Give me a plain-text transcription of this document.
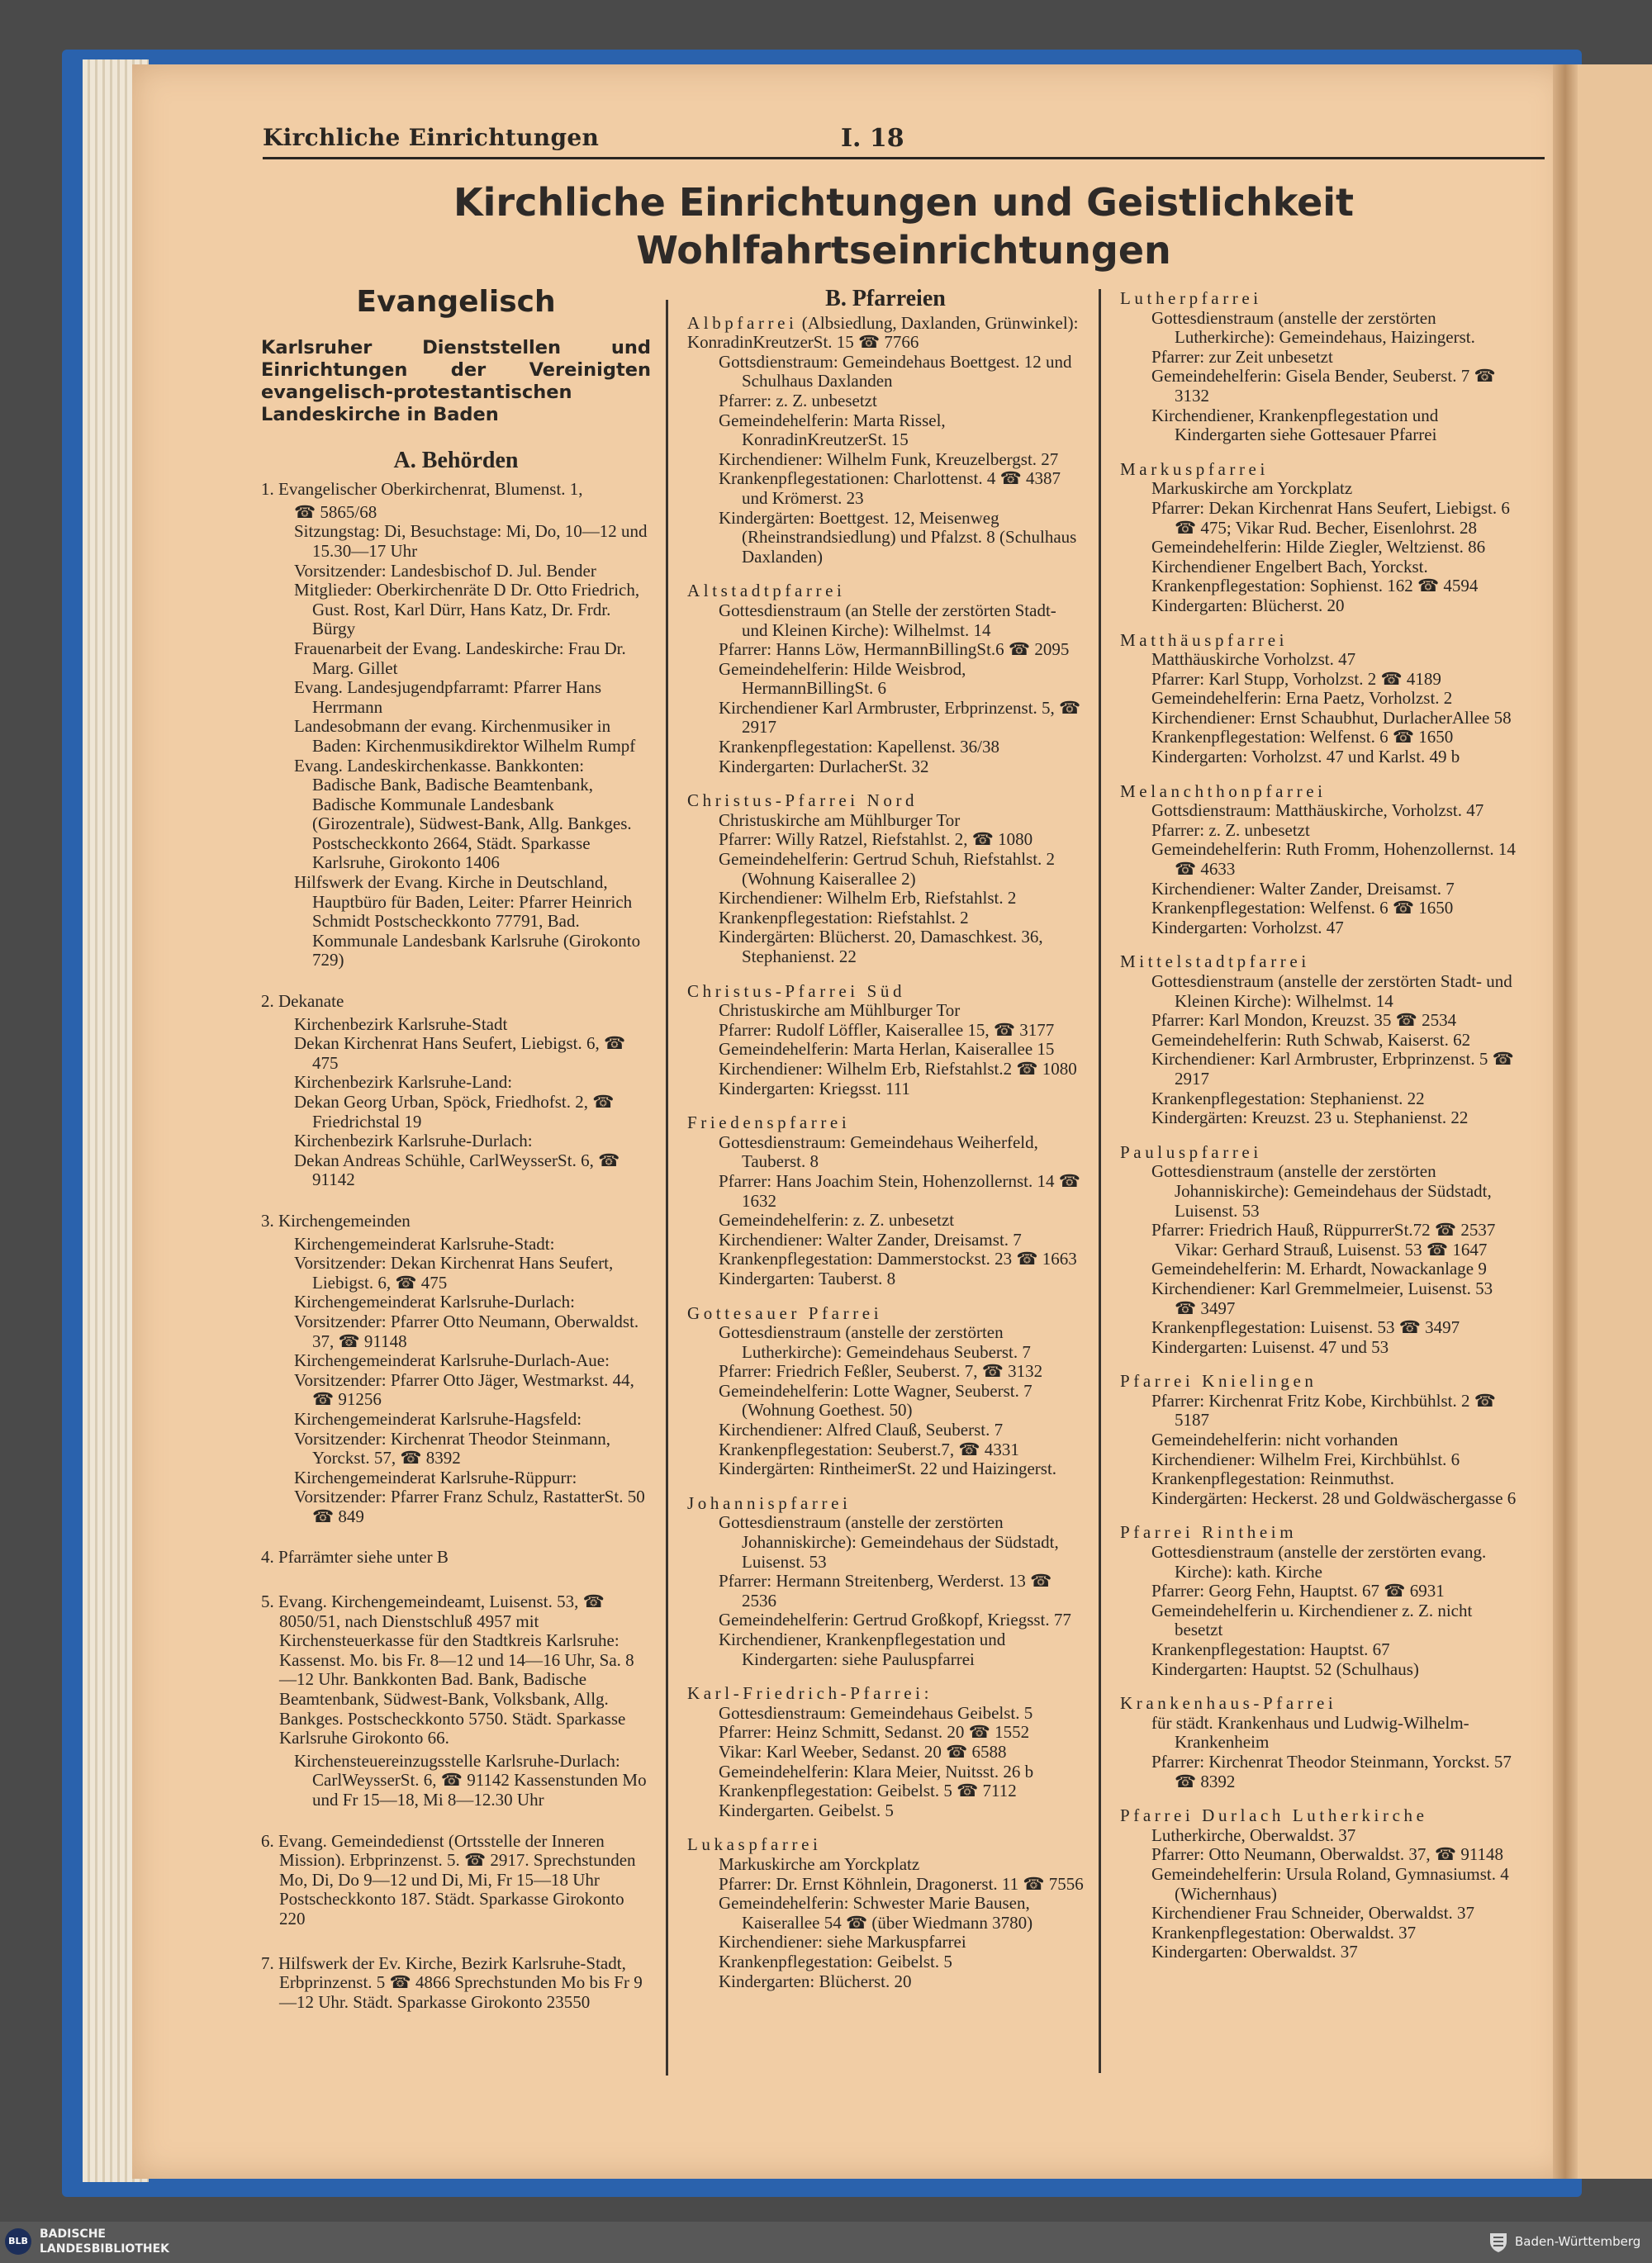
Kirchliche Einrichtungen	I. 18
Kirchliche Einrichtungen und Geistlichkeit
Wohlfahrtseinrichtungen
Evangelisch
Karlsruher Dienststellen und Einrichtungen der Vereinigten evangelisch-protestantischen Landeskirche in Baden
A. Behörden
1. Evangelischer Oberkirchenrat, Blumenst. 1,
☎ 5865/68
Sitzungstag: Di, Besuchstage: Mi, Do, 10—12 und 15.30—17 Uhr
Vorsitzender: Landesbischof D. Jul. Bender
Mitglieder: Oberkirchenräte D Dr. Otto Friedrich, Gust. Rost, Karl Dürr, Hans Katz, Dr. Frdr. Bürgy
Frauenarbeit der Evang. Landeskirche: Frau Dr. Marg. Gillet
Evang. Landesjugendpfarramt: Pfarrer Hans Herrmann
Landesobmann der evang. Kirchenmusiker in Baden: Kirchenmusikdirektor Wilhelm Rumpf
Evang. Landeskirchenkasse. Bankkonten: Badische Bank, Badische Beamtenbank, Badische Kommunale Landesbank (Girozentrale), Südwest-Bank, Allg. Bankges. Postscheckkonto 2664, Städt. Sparkasse Karlsruhe, Girokonto 1406
Hilfswerk der Evang. Kirche in Deutschland, Hauptbüro für Baden, Leiter: Pfarrer Heinrich Schmidt Postscheckkonto 77791, Bad. Kommunale Landesbank Karlsruhe (Girokonto 729)
2. Dekanate
Kirchenbezirk Karlsruhe-Stadt
Dekan Kirchenrat Hans Seufert, Liebigst. 6, ☎ 475
Kirchenbezirk Karlsruhe-Land:
Dekan Georg Urban, Spöck, Friedhofst. 2, ☎ Friedrichstal 19
Kirchenbezirk Karlsruhe-Durlach:
Dekan Andreas Schühle, CarlWeysserSt. 6, ☎ 91142
3. Kirchengemeinden
Kirchengemeinderat Karlsruhe-Stadt:
Vorsitzender: Dekan Kirchenrat Hans Seufert, Liebigst. 6, ☎ 475
Kirchengemeinderat Karlsruhe-Durlach:
Vorsitzender: Pfarrer Otto Neumann, Oberwaldst. 37, ☎ 91148
Kirchengemeinderat Karlsruhe-Durlach-Aue:
Vorsitzender: Pfarrer Otto Jäger, Westmarkst. 44, ☎ 91256
Kirchengemeinderat Karlsruhe-Hagsfeld:
Vorsitzender: Kirchenrat Theodor Steinmann, Yorckst. 57, ☎ 8392
Kirchengemeinderat Karlsruhe-Rüppurr:
Vorsitzender: Pfarrer Franz Schulz, RastatterSt. 50 ☎ 849
4. Pfarrämter siehe unter B
5. Evang. Kirchengemeindeamt, Luisenst. 53, ☎ 8050/51, nach Dienstschluß 4957 mit Kirchensteuerkasse für den Stadtkreis Karlsruhe: Kassenst. Mo. bis Fr. 8—12 und 14—16 Uhr, Sa. 8—12 Uhr. Bankkonten Bad. Bank, Badische Beamtenbank, Südwest-Bank, Volksbank, Allg. Bankges. Postscheckkonto 5750. Städt. Sparkasse Karlsruhe Girokonto 66.
Kirchensteuereinzugsstelle Karlsruhe-Durlach: CarlWeysserSt. 6, ☎ 91142 Kassenstunden Mo und Fr 15—18, Mi 8—12.30 Uhr
6. Evang. Gemeindedienst (Ortsstelle der Inneren Mission). Erbprinzenst. 5. ☎ 2917. Sprechstunden Mo, Di, Do 9—12 und Di, Mi, Fr 15—18 Uhr Postscheckkonto 187. Städt. Sparkasse Girokonto 220
7. Hilfswerk der Ev. Kirche, Bezirk Karlsruhe-Stadt, Erbprinzenst. 5 ☎ 4866 Sprechstunden Mo bis Fr 9—12 Uhr. Städt. Sparkasse Girokonto 23550
B. Pfarreien
Albpfarrei (Albsiedlung, Daxlanden, Grünwinkel): KonradinKreutzerSt. 15 ☎ 7766
Gottsdienstraum: Gemeindehaus Boettgest. 12 und Schulhaus Daxlanden
Pfarrer: z. Z. unbesetzt
Gemeindehelferin: Marta Rissel, KonradinKreutzerSt. 15
Kirchendiener: Wilhelm Funk, Kreuzelbergst. 27
Krankenpflegestationen: Charlottenst. 4 ☎ 4387 und Krömerst. 23
Kindergärten: Boettgest. 12, Meisenweg (Rheinstrandsiedlung) und Pfalzst. 8 (Schulhaus Daxlanden)
Altstadtpfarrei
Gottesdienstraum (an Stelle der zerstörten Stadt- und Kleinen Kirche): Wilhelmst. 14
Pfarrer: Hanns Löw, HermannBillingSt.6 ☎ 2095
Gemeindehelferin: Hilde Weisbrod, HermannBillingSt. 6
Kirchendiener Karl Armbruster, Erbprinzenst. 5, ☎ 2917
Krankenpflegestation: Kapellenst. 36/38
Kindergarten: DurlacherSt. 32
Christus-Pfarrei Nord
Christuskirche am Mühlburger Tor
Pfarrer: Willy Ratzel, Riefstahlst. 2, ☎ 1080
Gemeindehelferin: Gertrud Schuh, Riefstahlst. 2 (Wohnung Kaiserallee 2)
Kirchendiener: Wilhelm Erb, Riefstahlst. 2
Krankenpflegestation: Riefstahlst. 2
Kindergärten: Blücherst. 20, Damaschkest. 36, Stephanienst. 22
Christus-Pfarrei Süd
Christuskirche am Mühlburger Tor
Pfarrer: Rudolf Löffler, Kaiserallee 15, ☎ 3177
Gemeindehelferin: Marta Herlan, Kaiserallee 15
Kirchendiener: Wilhelm Erb, Riefstahlst.2 ☎ 1080
Kindergarten: Kriegsst. 111
Friedenspfarrei
Gottesdienstraum: Gemeindehaus Weiherfeld, Tauberst. 8
Pfarrer: Hans Joachim Stein, Hohenzollernst. 14 ☎ 1632
Gemeindehelferin: z. Z. unbesetzt
Kirchendiener: Walter Zander, Dreisamst. 7
Krankenpflegestation: Dammerstockst. 23 ☎ 1663
Kindergarten: Tauberst. 8
Gottesauer Pfarrei
Gottesdienstraum (anstelle der zerstörten Lutherkirche): Gemeindehaus Seuberst. 7
Pfarrer: Friedrich Feßler, Seuberst. 7, ☎ 3132
Gemeindehelferin: Lotte Wagner, Seuberst. 7 (Wohnung Goethest. 50)
Kirchendiener: Alfred Clauß, Seuberst. 7
Krankenpflegestation: Seuberst.7, ☎ 4331
Kindergärten: RintheimerSt. 22 und Haizingerst.
Johannispfarrei
Gottesdienstraum (anstelle der zerstörten Johanniskirche): Gemeindehaus der Südstadt, Luisenst. 53
Pfarrer: Hermann Streitenberg, Werderst. 13 ☎ 2536
Gemeindehelferin: Gertrud Großkopf, Kriegsst. 77
Kirchendiener, Krankenpflegestation und Kindergarten: siehe Pauluspfarrei
Karl-Friedrich-Pfarrei:
Gottesdienstraum: Gemeindehaus Geibelst. 5
Pfarrer: Heinz Schmitt, Sedanst. 20 ☎ 1552
Vikar: Karl Weeber, Sedanst. 20 ☎ 6588
Gemeindehelferin: Klara Meier, Nuitsst. 26 b
Krankenpflegestation: Geibelst. 5 ☎ 7112
Kindergarten. Geibelst. 5
Lukaspfarrei
Markuskirche am Yorckplatz
Pfarrer: Dr. Ernst Köhnlein, Dragonerst. 11 ☎ 7556
Gemeindehelferin: Schwester Marie Bausen, Kaiserallee 54 ☎ (über Wiedmann 3780)
Kirchendiener: siehe Markuspfarrei
Krankenpflegestation: Geibelst. 5
Kindergarten: Blücherst. 20
Lutherpfarrei
Gottesdienstraum (anstelle der zerstörten Lutherkirche): Gemeindehaus, Haizingerst.
Pfarrer: zur Zeit unbesetzt
Gemeindehelferin: Gisela Bender, Seuberst. 7 ☎ 3132
Kirchendiener, Krankenpflegestation und Kindergarten siehe Gottesauer Pfarrei
Markuspfarrei
Markuskirche am Yorckplatz
Pfarrer: Dekan Kirchenrat Hans Seufert, Liebigst. 6 ☎ 475; Vikar Rud. Becher, Eisenlohrst. 28
Gemeindehelferin: Hilde Ziegler, Weltzienst. 86
Kirchendiener Engelbert Bach, Yorckst.
Krankenpflegestation: Sophienst. 162 ☎ 4594
Kindergarten: Blücherst. 20
Matthäuspfarrei
Matthäuskirche Vorholzst. 47
Pfarrer: Karl Stupp, Vorholzst. 2 ☎ 4189
Gemeindehelferin: Erna Paetz, Vorholzst. 2
Kirchendiener: Ernst Schaubhut, DurlacherAllee 58
Krankenpflegestation: Welfenst. 6 ☎ 1650
Kindergarten: Vorholzst. 47 und Karlst. 49 b
Melanchthonpfarrei
Gottsdienstraum: Matthäuskirche, Vorholzst. 47
Pfarrer: z. Z. unbesetzt
Gemeindehelferin: Ruth Fromm, Hohenzollernst. 14 ☎ 4633
Kirchendiener: Walter Zander, Dreisamst. 7
Krankenpflegestation: Welfenst. 6 ☎ 1650
Kindergarten: Vorholzst. 47
Mittelstadtpfarrei
Gottesdienstraum (anstelle der zerstörten Stadt- und Kleinen Kirche): Wilhelmst. 14
Pfarrer: Karl Mondon, Kreuzst. 35 ☎ 2534
Gemeindehelferin: Ruth Schwab, Kaiserst. 62
Kirchendiener: Karl Armbruster, Erbprinzenst. 5 ☎ 2917
Krankenpflegestation: Stephanienst. 22
Kindergärten: Kreuzst. 23 u. Stephanienst. 22
Pauluspfarrei
Gottesdienstraum (anstelle der zerstörten Johanniskirche): Gemeindehaus der Südstadt, Luisenst. 53
Pfarrer: Friedrich Hauß, RüppurrerSt.72 ☎ 2537 Vikar: Gerhard Strauß, Luisenst. 53 ☎ 1647
Gemeindehelferin: M. Erhardt, Nowackanlage 9
Kirchendiener: Karl Gremmelmeier, Luisenst. 53 ☎ 3497
Krankenpflegestation: Luisenst. 53 ☎ 3497
Kindergarten: Luisenst. 47 und 53
Pfarrei Knielingen
Pfarrer: Kirchenrat Fritz Kobe, Kirchbühlst. 2 ☎ 5187
Gemeindehelferin: nicht vorhanden
Kirchendiener: Wilhelm Frei, Kirchbühlst. 6
Krankenpflegestation: Reinmuthst.
Kindergärten: Heckerst. 28 und Goldwäschergasse 6
Pfarrei Rintheim
Gottesdienstraum (anstelle der zerstörten evang. Kirche): kath. Kirche
Pfarrer: Georg Fehn, Hauptst. 67 ☎ 6931
Gemeindehelferin u. Kirchendiener z. Z. nicht besetzt
Krankenpflegestation: Hauptst. 67
Kindergarten: Hauptst. 52 (Schulhaus)
Krankenhaus-Pfarrei
für städt. Krankenhaus und Ludwig-Wilhelm-Krankenheim
Pfarrer: Kirchenrat Theodor Steinmann, Yorckst. 57 ☎ 8392
Pfarrei Durlach Lutherkirche
Lutherkirche, Oberwaldst. 37
Pfarrer: Otto Neumann, Oberwaldst. 37, ☎ 91148
Gemeindehelferin: Ursula Roland, Gymnasiumst. 4 (Wichernhaus)
Kirchendiener Frau Schneider, Oberwaldst. 37
Krankenpflegestation: Oberwaldst. 37
Kindergarten: Oberwaldst. 37
BLB
BADISCHE
LANDESBIBLIOTHEK	Baden-Württemberg
